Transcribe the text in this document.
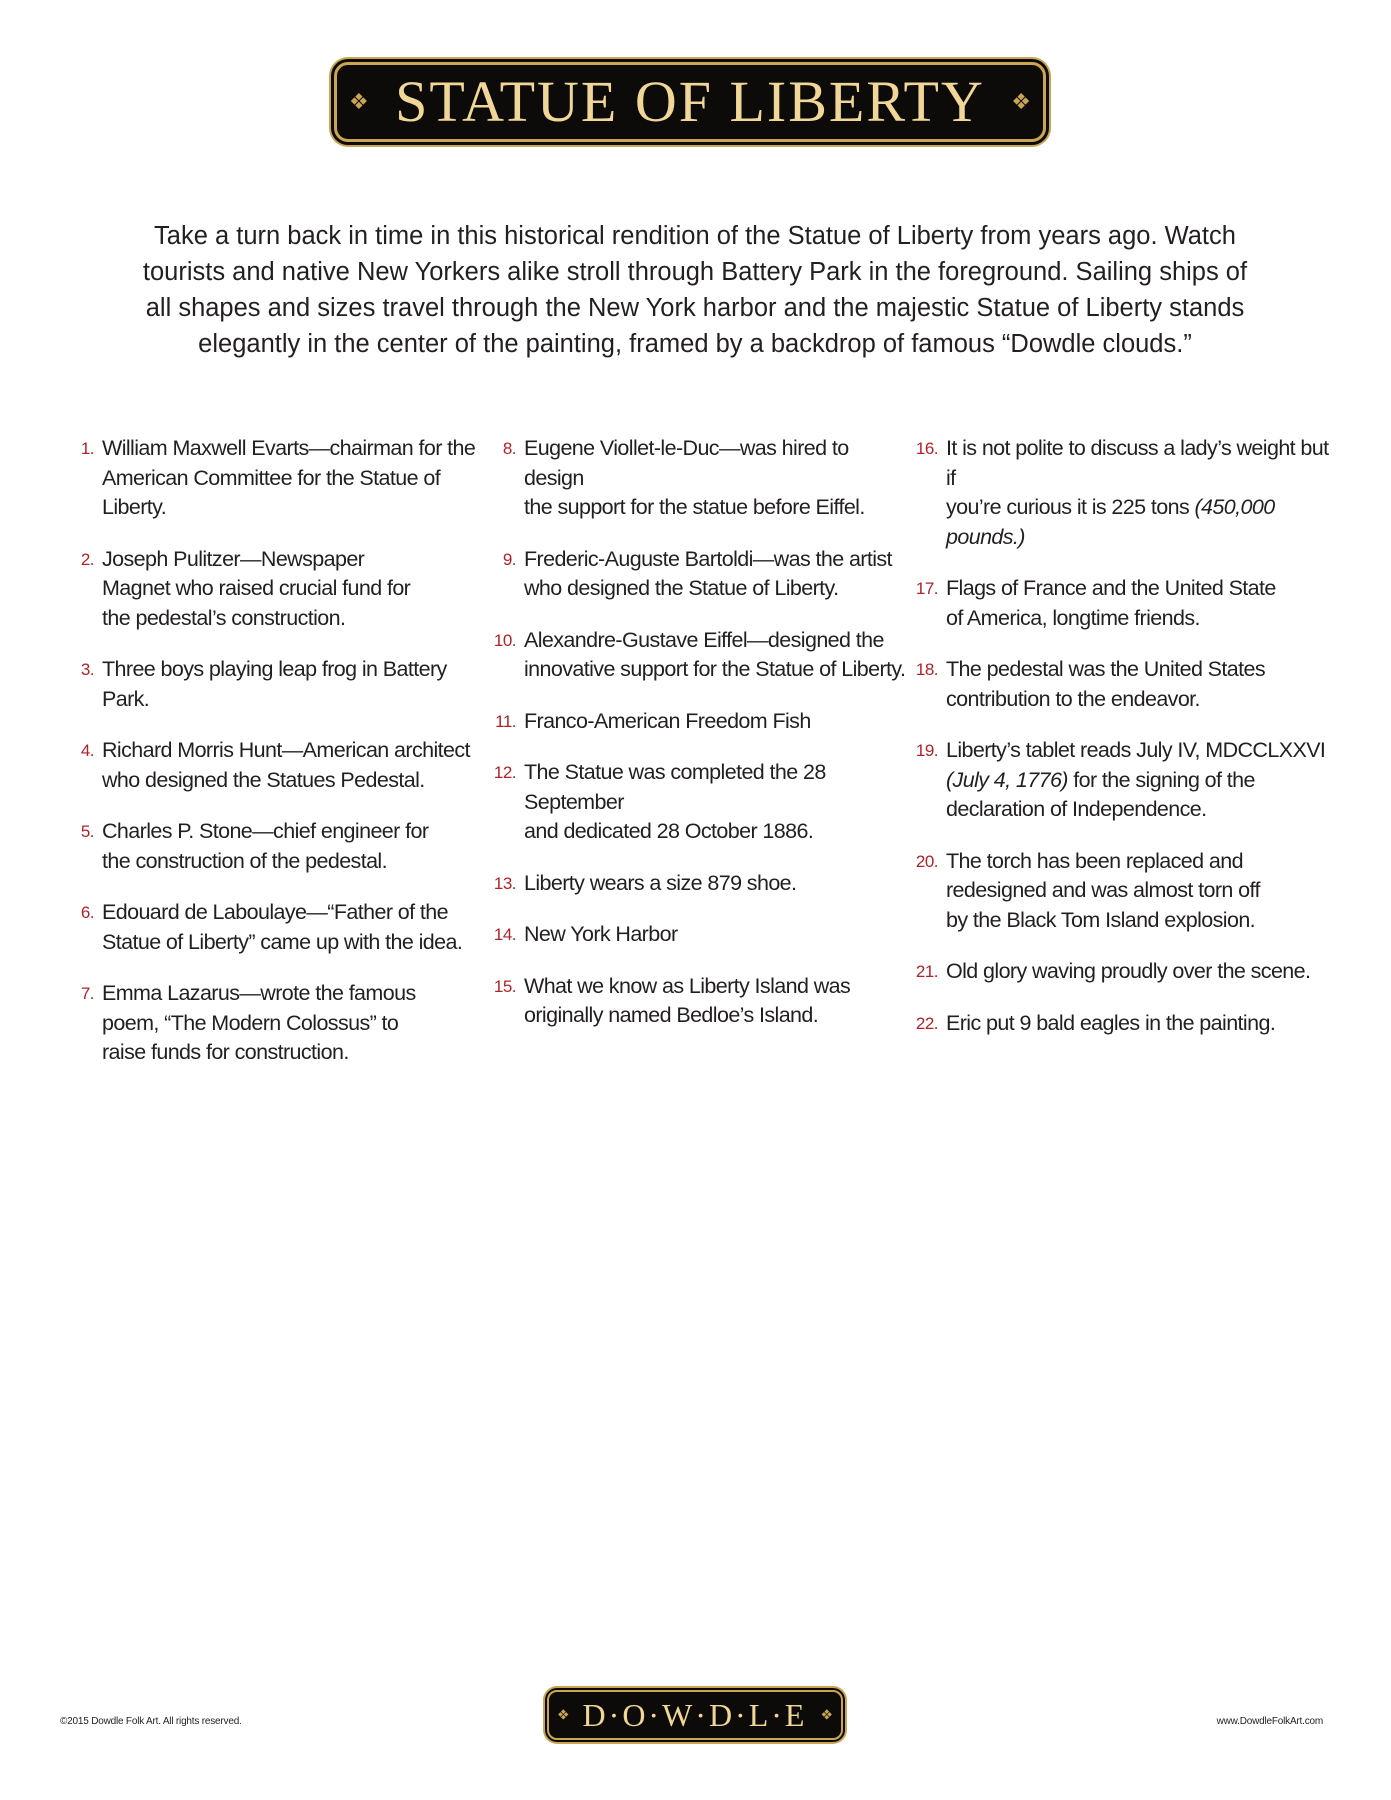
❖ STATUE OF LIBERTY ❖
Take a turn back in time in this historical rendition of the Statue of Liberty from years ago. Watch
tourists and native New Yorkers alike stroll through Battery Park in the foreground. Sailing ships of
all shapes and sizes travel through the New York harbor and the majestic Statue of Liberty stands
elegantly in the center of the painting, framed by a backdrop of famous “Dowdle clouds.”
1. William Maxwell Evarts—chairman for the
American Committee for the Statue of Liberty.
2. Joseph Pulitzer—Newspaper
Magnet who raised crucial fund for
the pedestal’s construction.
3. Three boys playing leap frog in Battery Park.
4. Richard Morris Hunt—American architect
who designed the Statues Pedestal.
5. Charles P. Stone—chief engineer for
the construction of the pedestal.
6. Edouard de Laboulaye—“Father of the
Statue of Liberty” came up with the idea.
7. Emma Lazarus—wrote the famous
poem, “The Modern Colossus” to
raise funds for construction.
8. Eugene Viollet-le-Duc—was hired to design
the support for the statue before Eiffel.
9. Frederic-Auguste Bartoldi—was the artist
who designed the Statue of Liberty.
10. Alexandre-Gustave Eiffel—designed the
innovative support for the Statue of Liberty.
11. Franco-American Freedom Fish
12. The Statue was completed the 28 September
and dedicated 28 October 1886.
13. Liberty wears a size 879 shoe.
14. New York Harbor
15. What we know as Liberty Island was
originally named Bedloe’s Island.
16. It is not polite to discuss a lady’s weight but if
you’re curious it is 225 tons (450,000 pounds.)
17. Flags of France and the United State
of America, longtime friends.
18. The pedestal was the United States
contribution to the endeavor.
19. Liberty’s tablet reads July IV, MDCCLXXVI
(July 4, 1776) for the signing of the
declaration of Independence.
20. The torch has been replaced and
redesigned and was almost torn off
by the Black Tom Island explosion.
21. Old glory waving proudly over the scene.
22. Eric put 9 bald eagles in the painting.
❖ D·O·W·D·L·E ❖
©2015 Dowdle Folk Art. All rights reserved.	www.DowdleFolkArt.com
